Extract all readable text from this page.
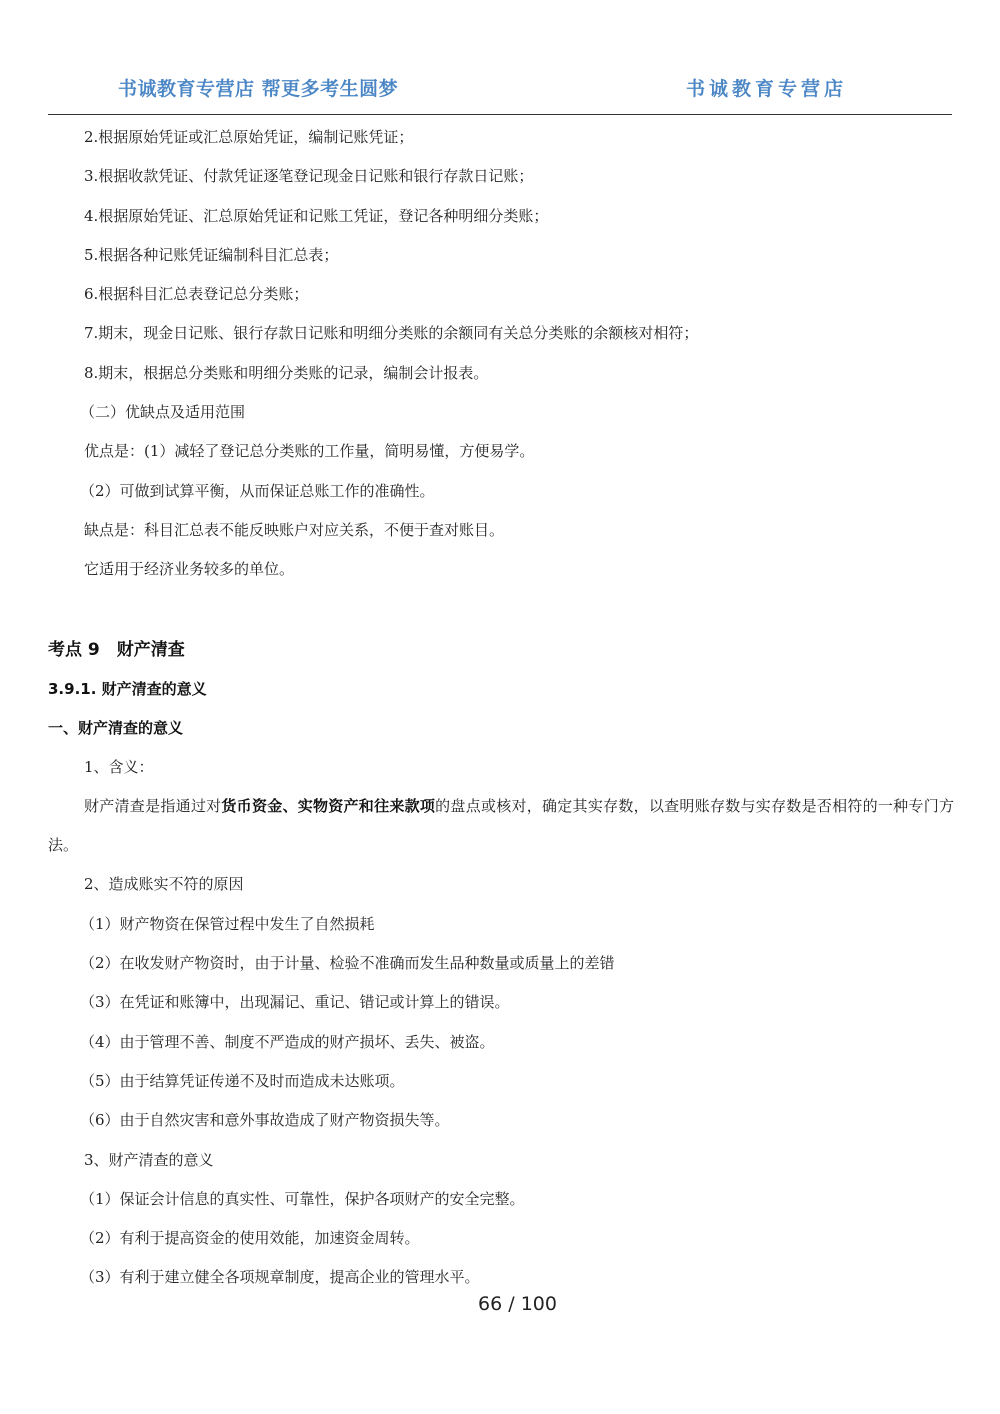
书诚教育专营店 帮更多考生圆梦	书诚教育专营店

2.根据原始凭证或汇总原始凭证，编制记账凭证；

3.根据收款凭证、付款凭证逐笔登记现金日记账和银行存款日记账；

4.根据原始凭证、汇总原始凭证和记账工凭证，登记各种明细分类账；

5.根据各种记账凭证编制科目汇总表；

6.根据科目汇总表登记总分类账；

7.期末，现金日记账、银行存款日记账和明细分类账的余额同有关总分类账的余额核对相符；

8.期末，根据总分类账和明细分类账的记录，编制会计报表。

（二）优缺点及适用范围

优点是：(1）减轻了登记总分类账的工作量，简明易懂，方便易学。

（2）可做到试算平衡，从而保证总账工作的准确性。

缺点是：科目汇总表不能反映账户对应关系，不便于查对账目。

它适用于经济业务较多的单位。

考点 9　财产清查

3.9.1. 财产清查的意义

一、财产清查的意义

1、含义：

财产清查是指通过对货币资金、实物资产和往来款项的盘点或核对，确定其实存数，以查明账存数与实存数是否相符的一种专门方法。

2、造成账实不符的原因

（1）财产物资在保管过程中发生了自然损耗

（2）在收发财产物资时，由于计量、检验不准确而发生品种数量或质量上的差错

（3）在凭证和账簿中，出现漏记、重记、错记或计算上的错误。

（4）由于管理不善、制度不严造成的财产损坏、丢失、被盗。

（5）由于结算凭证传递不及时而造成未达账项。

（6）由于自然灾害和意外事故造成了财产物资损失等。

3、财产清查的意义

（1）保证会计信息的真实性、可靠性，保护各项财产的安全完整。

（2）有利于提高资金的使用效能，加速资金周转。

（3）有利于建立健全各项规章制度，提高企业的管理水平。

66 / 100
